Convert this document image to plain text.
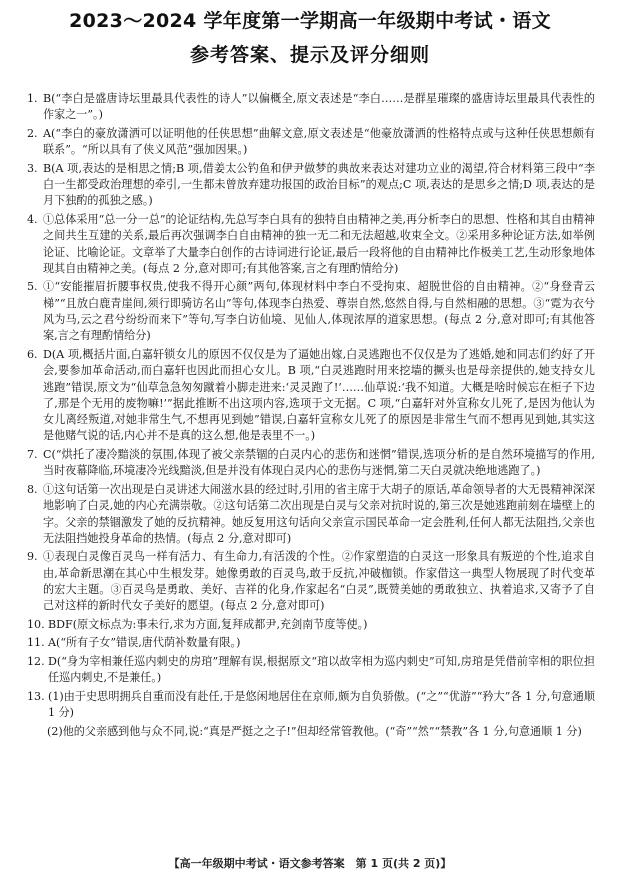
2023～2024 学年度第一学期高一年级期中考试・语文
参考答案、提示及评分细则
1. B(“李白是盛唐诗坛里最具代表性的诗人”以偏概全,原文表述是“李白……是群星璀璨的盛唐诗坛里最具代表性的作家之一”。)
2. A(“李白的豪放潇洒可以证明他的任侠思想”曲解文意,原文表述是“他豪放潇洒的性格特点或与这种任侠思想颇有联系”。“所以具有了侠义风范”强加因果。)
3. B(A 项,表达的是相思之情;B 项,借姜太公钓鱼和伊尹做梦的典故来表达对建功立业的渴望,符合材料第三段中“李白一生都受政治理想的牵引,一生都未曾放弃建功报国的政治目标”的观点;C 项,表达的是思乡之情;D 项,表达的是月下独酌的孤独之感。)
4. ①总体采用“总一分一总”的论证结构,先总写李白具有的独特自由精神之美,再分析李白的思想、性格和其自由精神之间共生互建的关系,最后再次强调李白自由精神的独一无二和无法超越,收束全文。②采用多种论证方法,如举例论证、比喻论证。文章举了大量李白创作的古诗词进行论证,最后一段将他的自由精神比作极美工艺,生动形象地体现其自由精神之美。(每点 2 分,意对即可;有其他答案,言之有理酌情给分)
5. ①“安能摧眉折腰事权贵,使我不得开心颜”两句,体现材料中李白不受拘束、超脱世俗的自由精神。②“身登青云梯”“且放白鹿青崖间,须行即骑访名山”等句,体现李白热爱、尊崇自然,悠然自得,与自然相融的思想。③“霓为衣兮风为马,云之君兮纷纷而来下”等句,写李白访仙境、见仙人,体现浓厚的道家思想。(每点 2 分,意对即可;有其他答案,言之有理酌情给分)
6. D(A 项,概括片面,白嘉轩锁女儿的原因不仅仅是为了逼她出嫁,白灵逃跑也不仅仅是为了逃婚,她和同志们约好了开会,要参加革命活动,而白嘉轩也因此而担心女儿。B 项,“白灵逃跑时用来挖墙的撅头也是母亲提供的,她支持女儿逃跑”错误,原文为“仙草急急匆匆蹴着小脚走进来:‘灵灵跑了!’……仙草说:‘我不知道。大概是啥时候忘在柜子下边了,那是个无用的废物嘛!’”据此推断不出这项内容,选项于文无据。C 项,“白嘉轩对外宣称女儿死了,是因为他认为女儿离经叛道,对她非常生气,不想再见到她”错误,白嘉轩宣称女儿死了的原因是非常生气而不想再见到她,其实这是他赌气说的话,内心并不是真的这么想,他是表里不一。)
7. C(“烘托了凄冷黯淡的氛围,体现了被父亲禁锢的白灵内心的悲伤和迷惘”错误,选项分析的是自然环境描写的作用,当时夜幕降临,环境凄冷光线黯淡,但是并没有体现白灵内心的悲伤与迷惘,第二天白灵就决绝地逃跑了。)
8. ①这句话第一次出现是白灵讲述大闹滋水县的经过时,引用的省主席于大胡子的原话,革命领导者的大无畏精神深深地影响了白灵,她的内心充满崇敬。②这句话第二次出现是白灵与父亲对抗时说的,第三次是她逃跑前刻在墙壁上的字。父亲的禁锢激发了她的反抗精神。她反复用这句话向父亲宣示国民革命一定会胜利,任何人都无法阻挡,父亲也无法阻挡她投身革命的热情。(每点 2 分,意对即可)
9. ①表现白灵像百灵鸟一样有活力、有生命力,有活泼的个性。②作家塑造的白灵这一形象具有叛逆的个性,追求自由,革命新思潮在其心中生根发芽。她像勇敢的百灵鸟,敢于反抗,冲破枷锁。作家借这一典型人物展现了时代变革的宏大主题。③百灵鸟是勇敢、美好、吉祥的化身,作家起名“白灵”,既赞美她的勇敢独立、执着追求,又寄予了自己对这样的新时代女子美好的愿望。(每点 2 分,意对即可)
10. BDF(原文标点为:事未行,求为方面,复拜成都尹,充剑南节度等使。)
11. A(“所有子女”错误,唐代荫补数量有限。)
12. D(“身为宰相兼任巡内刺史的房琯”理解有误,根据原文“琯以故宰相为巡内刺史”可知,房琯是凭借前宰相的职位担任巡内刺史,不是兼任。)
13. (1)由于史思明拥兵自重而没有赴任,于是悠闲地居住在京师,颇为自负骄傲。(“之”“优游”“矜大”各 1 分,句意通顺 1 分)
(2)他的父亲感到他与众不同,说:“真是严挺之之子!”但却经常管教他。(“奇”“然”“禁教”各 1 分,句意通顺 1 分)
【高一年级期中考试・语文参考答案　第 1 页(共 2 页)】
